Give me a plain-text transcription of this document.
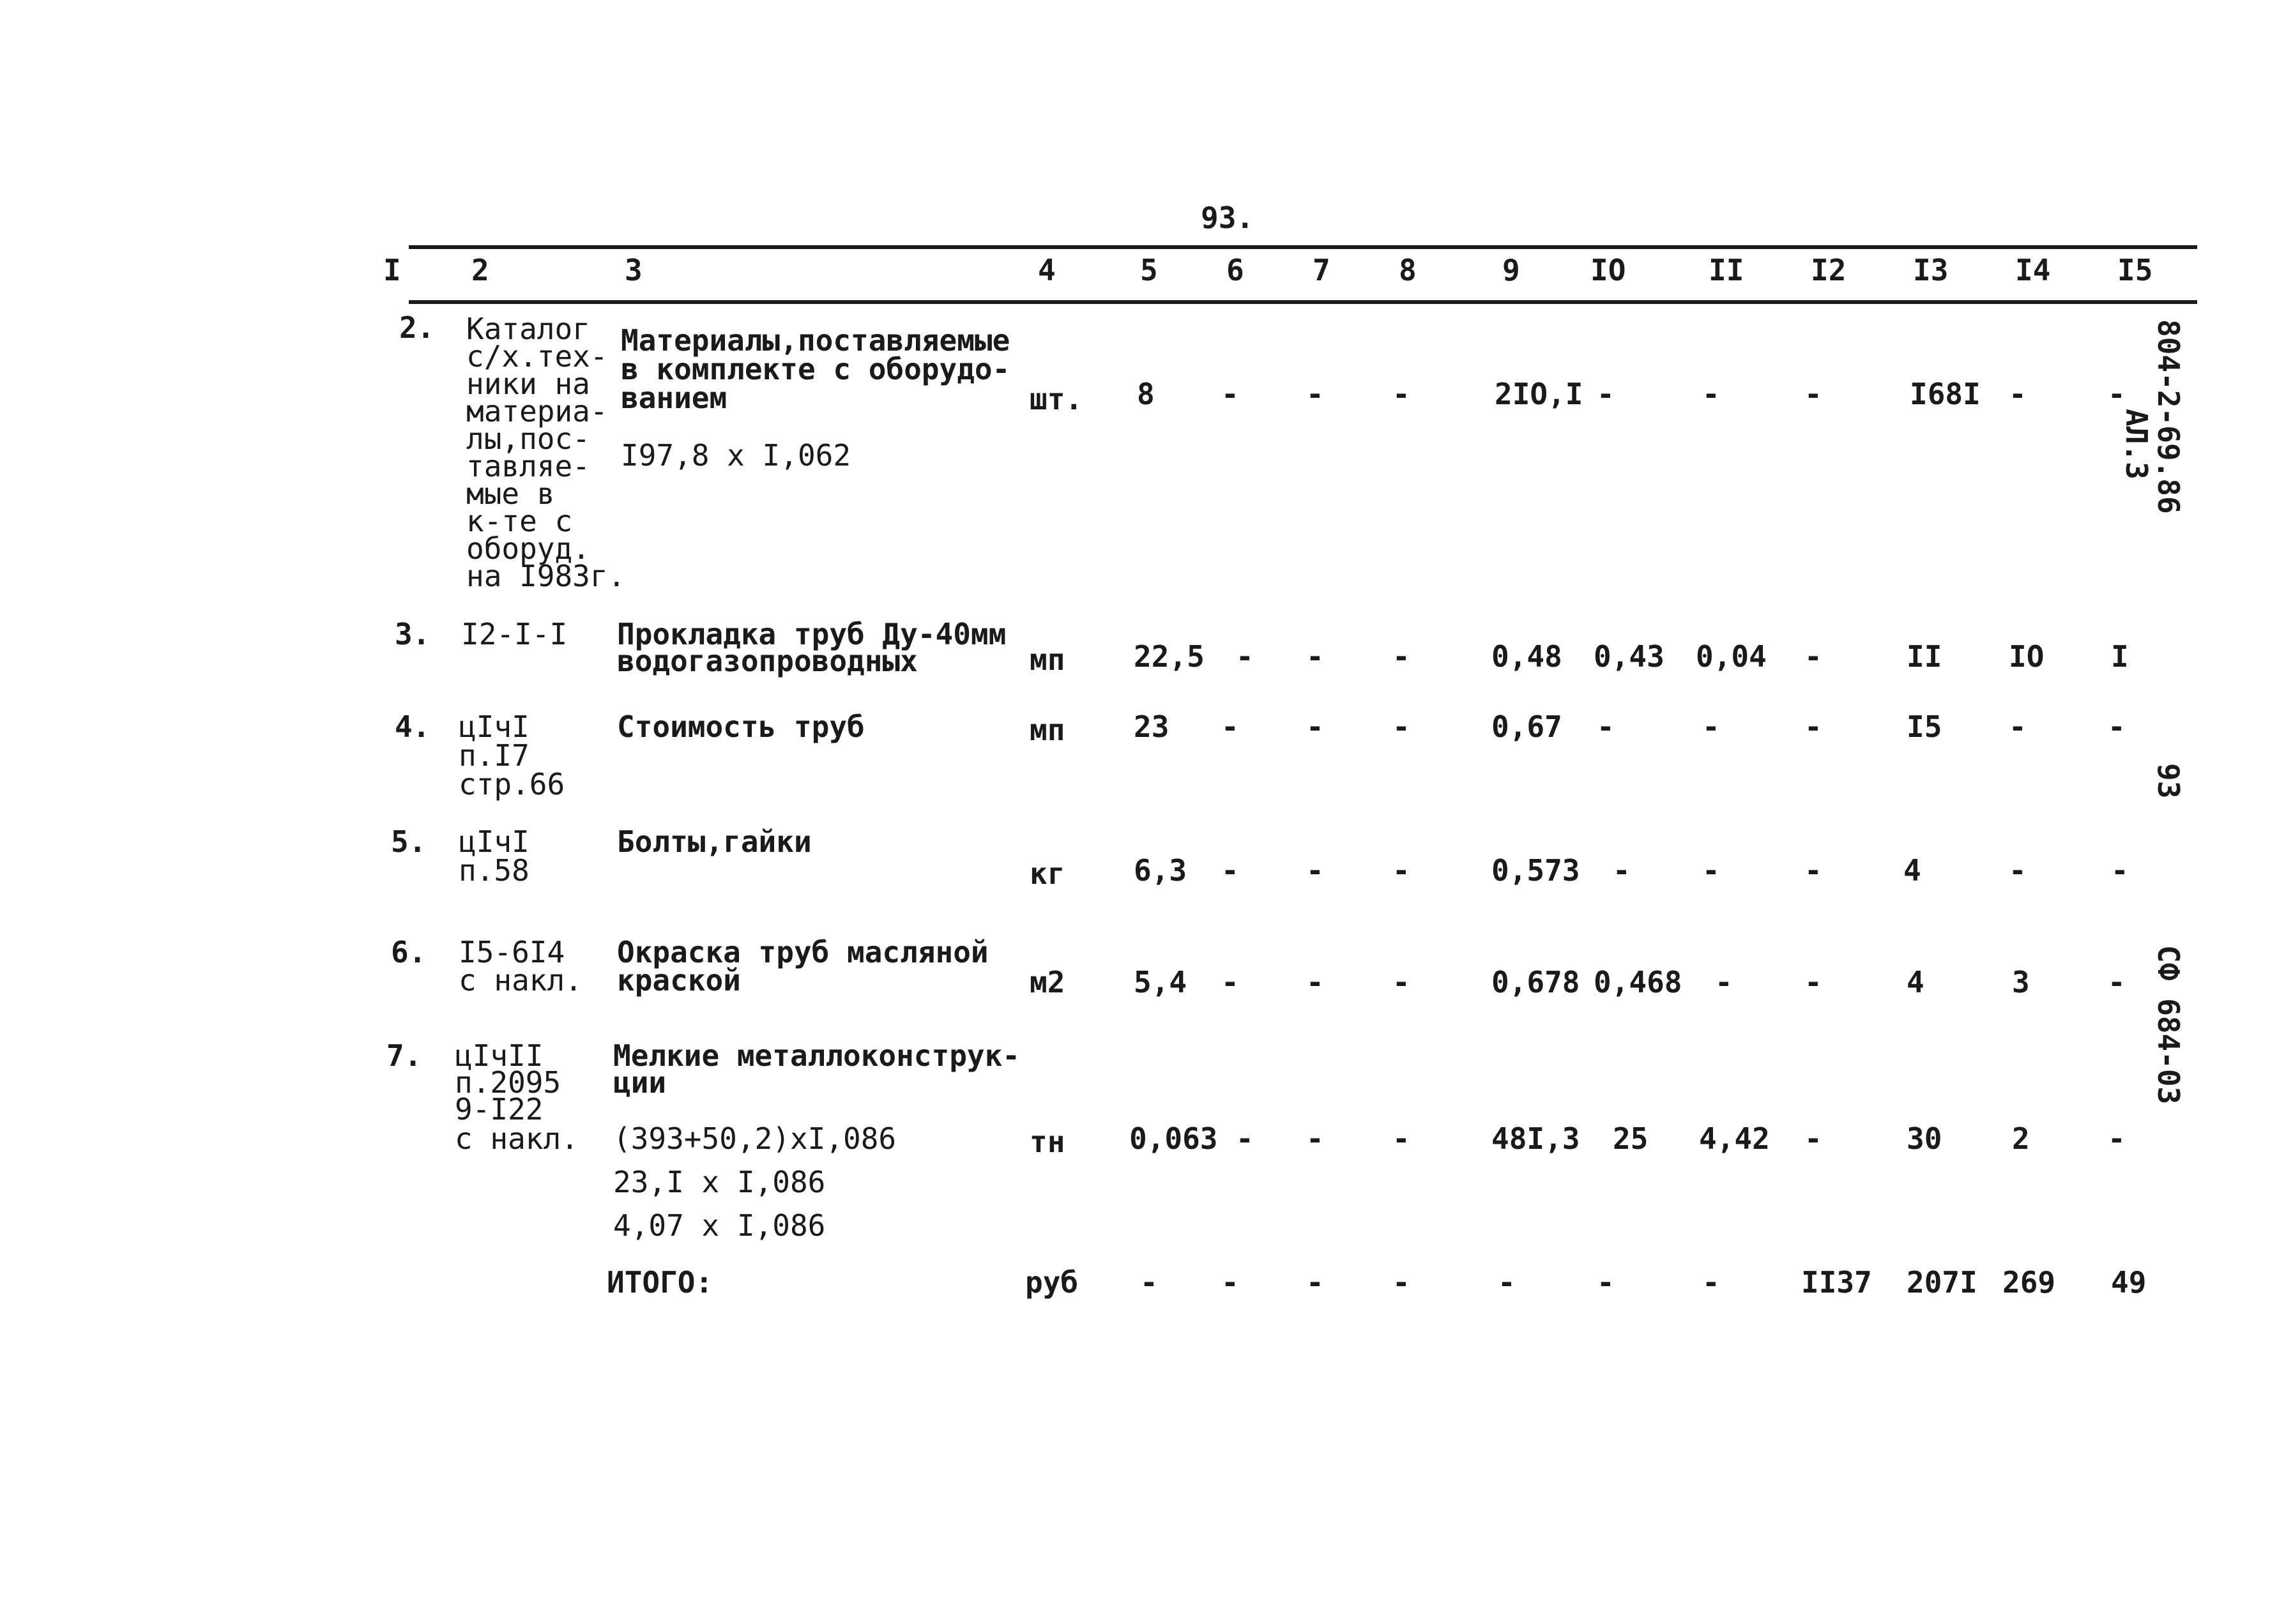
93.
I 2	3	4	5 6 7 8	9 IO	II I2 I3 I4 I5
2. Каталог
с/х.тех-
ники на
материа-
лы,пос-
тавляе-
мые в
к-те с
оборуд.
на I983г.
Материалы,поставляемые
в комплекте с оборудо-
ванием
I97,8 х I,062
шт. 8 - - -	2IO,I -	-	-	I68I -	-
3. I2-I-I Прокладка труб Ду-40мм
водогазопроводных	мп 22,5 - - -	0,48 0,43 0,04 -	II IO I
4. цIчI
п.I7
стр.66
Стоимость труб	мп 23 - - -	0,67 -	-	-	I5 -	-
5. цIчI
п.58
Болты,гайки
кг 6,3 - - -	0,573 - -	-	4	-	-
6. I5-6I4
с накл.
Окраска труб масляной
краской	м2 5,4 - - -	0,678 0,468 - -	4	3	-
7. цIчII
п.2095
9-I22
с накл.
Мелкие металлоконструк-
ции
(393+50,2)хI,086
23,I х I,086
4,07 х I,086
тн 0,063 - - -	48I,3 25 4,42 -	30 2	-
ИТОГО:	руб - - - -	-	-	-	II37 207I 269 49
804-2-69.86
АЛ.3
93
СФ 684-03
